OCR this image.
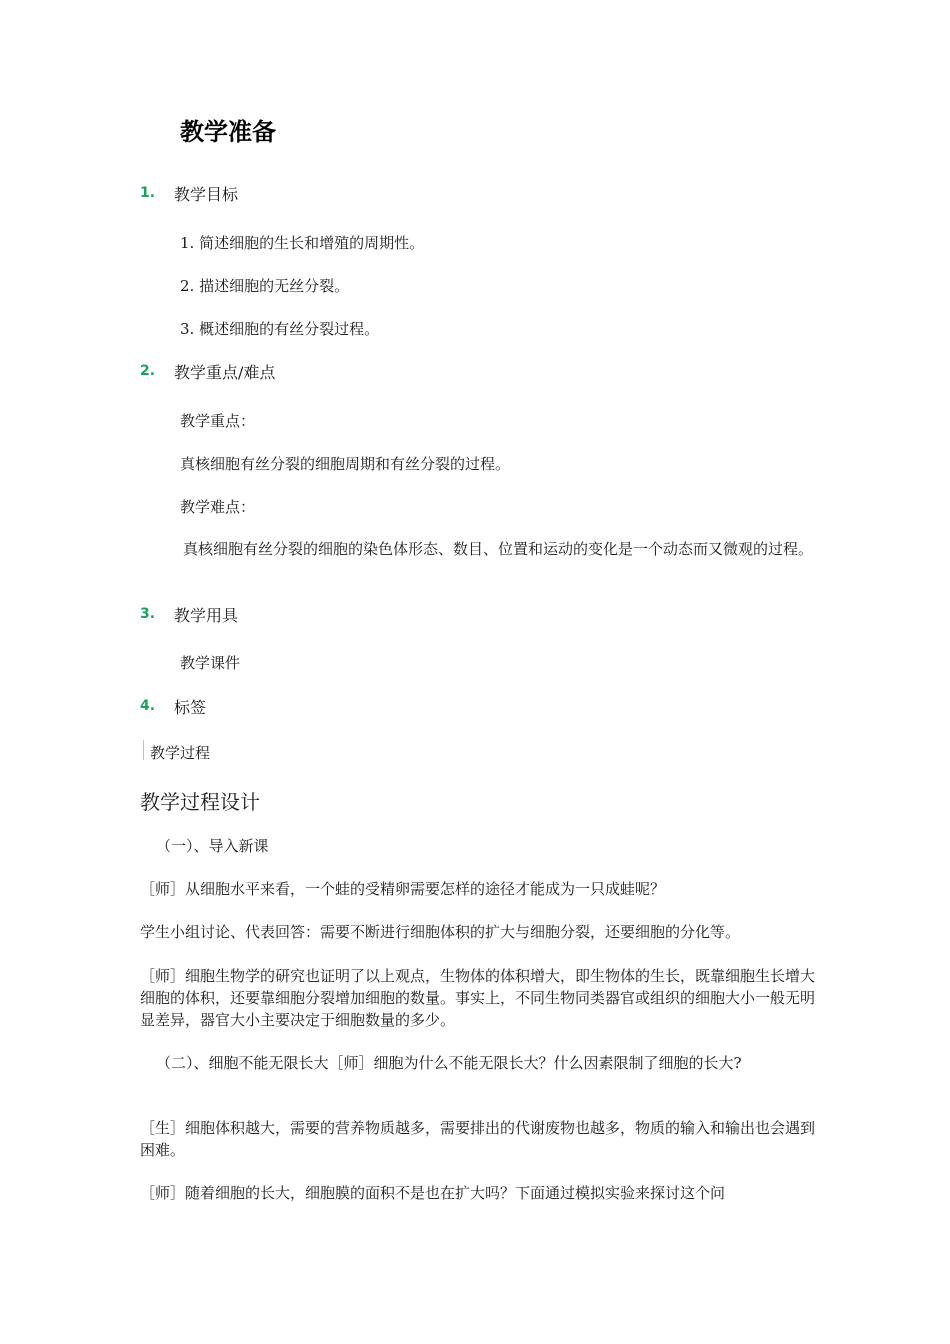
教学准备
1. 教学目标
1. 简述细胞的生长和增殖的周期性。
2. 描述细胞的无丝分裂。
3. 概述细胞的有丝分裂过程。
2. 教学重点/难点
教学重点：
真核细胞有丝分裂的细胞周期和有丝分裂的过程。
教学难点：
　真核细胞有丝分裂的细胞的染色体形态、数目、位置和运动的变化是一个动态而又微观的过程。
3. 教学用具
教学课件
4. 标签
教学过程
教学过程设计
（一）、导入新课
［师］从细胞水平来看，一个蛙的受精卵需要怎样的途径才能成为一只成蛙呢？
学生小组讨论、代表回答：需要不断进行细胞体积的扩大与细胞分裂，还要细胞的分化等。
［师］细胞生物学的研究也证明了以上观点，生物体的体积增大，即生物体的生长，既靠细胞生长增大细胞的体积，还要靠细胞分裂增加细胞的数量。事实上，不同生物同类器官或组织的细胞大小一般无明显差异，器官大小主要决定于细胞数量的多少。
（二）、细胞不能无限长大［师］细胞为什么不能无限长大？什么因素限制了细胞的长大?
［生］细胞体积越大，需要的营养物质越多，需要排出的代谢废物也越多，物质的输入和输出也会遇到困难。
［师］随着细胞的长大，细胞膜的面积不是也在扩大吗？下面通过模拟实验来探讨这个问
